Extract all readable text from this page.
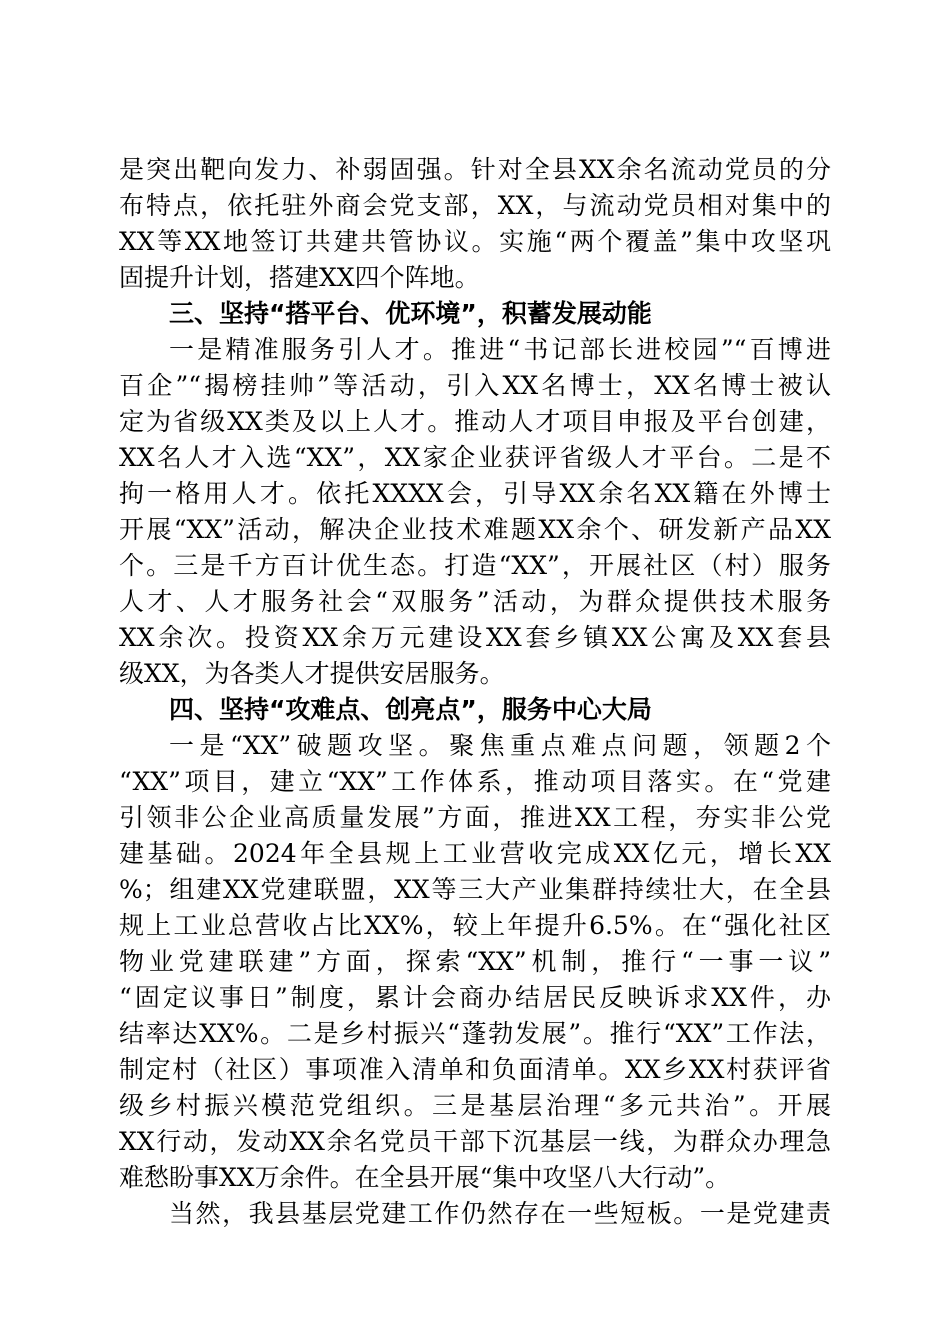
是突出靶向发力、补弱固强。针对全县XX余名流动党员的分
布特点，依托驻外商会党支部，XX，与流动党员相对集中的
XX等XX地签订共建共管协议。实施“两个覆盖”集中攻坚巩
固提升计划，搭建XX四个阵地。
三、坚持“搭平台、优环境”，积蓄发展动能
一是精准服务引人才。推进“书记部长进校园”“百博进
百企”“揭榜挂帅”等活动，引入XX名博士，XX名博士被认
定为省级XX类及以上人才。推动人才项目申报及平台创建，
XX名人才入选“XX”，XX家企业获评省级人才平台。二是不
拘一格用人才。依托XXXX会，引导XX余名XX籍在外博士
开展“XX”活动，解决企业技术难题XX余个、研发新产品XX
个。三是千方百计优生态。打造“XX”，开展社区（村）服务
人才、人才服务社会“双服务”活动，为群众提供技术服务
XX余次。投资XX余万元建设XX套乡镇XX公寓及XX套县
级XX，为各类人才提供安居服务。
四、坚持“攻难点、创亮点”，服务中心大局
一是“XX”破题攻坚。聚焦重点难点问题，领题2个
“XX”项目，建立“XX”工作体系，推动项目落实。在“党建
引领非公企业高质量发展”方面，推进XX工程，夯实非公党
建基础。2024年全县规上工业营收完成XX亿元，增长XX
%；组建XX党建联盟，XX等三大产业集群持续壮大，在全县
规上工业总营收占比XX%，较上年提升6.5%。在“强化社区
物业党建联建”方面，探索“XX”机制，推行“一事一议”
“固定议事日”制度，累计会商办结居民反映诉求XX件，办
结率达XX%。二是乡村振兴“蓬勃发展”。推行“XX”工作法，
制定村（社区）事项准入清单和负面清单。XX乡XX村获评省
级乡村振兴模范党组织。三是基层治理“多元共治”。开展
XX行动，发动XX余名党员干部下沉基层一线，为群众办理急
难愁盼事XX万余件。在全县开展“集中攻坚八大行动”。
当然，我县基层党建工作仍然存在一些短板。一是党建责
